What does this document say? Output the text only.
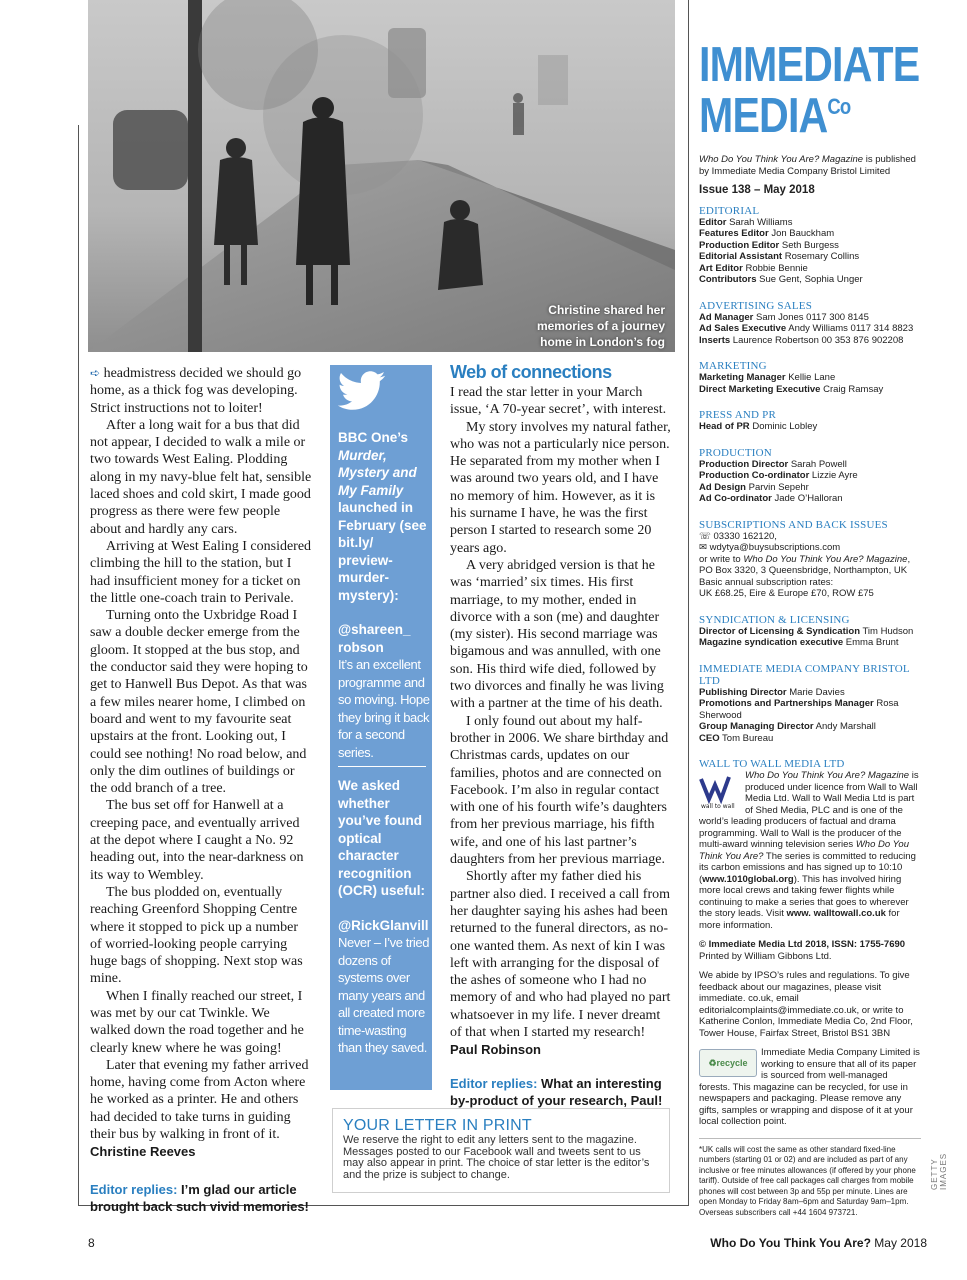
Christine shared her memories of a journey home in London’s fog

➪ headmistress decided we should go home, as a thick fog was developing. Strict instructions not to loiter!

After a long wait for a bus that did not appear, I decided to walk a mile or two towards West Ealing. Plodding along in my navy-blue felt hat, sensible laced shoes and cold skirt, I made good progress as there were few people about and hardly any cars.

Arriving at West Ealing I considered climbing the hill to the station, but I had insufficient money for a ticket on the little one-coach train to Perivale.

Turning onto the Uxbridge Road I saw a double decker emerge from the gloom. It stopped at the bus stop, and the conductor said they were hoping to get to Hanwell Bus Depot. As that was a few miles nearer home, I climbed on board and went to my favourite seat upstairs at the front. Looking out, I could see nothing! No road below, and only the dim outlines of buildings or the odd branch of a tree.

The bus set off for Hanwell at a creeping pace, and eventually arrived at the depot where I caught a No. 92 heading out, into the near-darkness on its way to Wembley.

The bus plodded on, eventually reaching Greenford Shopping Centre where it stopped to pick up a number of worried-looking people carrying huge bags of shopping. Next stop was mine.

When I finally reached our street, I was met by our cat Twinkle. We walked down the road together and he clearly knew where he was going!

Later that evening my father arrived home, having come from Acton where he worked as a printer. He and others had decided to take turns in guiding their bus by walking in front of it.

Christine Reeves

Editor replies: I’m glad our article brought back such vivid memories!
BBC One’s Murder, Mystery and My Family launched in February (see bit.ly/ preview-murder-mystery):
@shareen_ robson
It’s an excellent programme and so moving. Hope they bring it back for a second series.
We asked whether you’ve found optical character recognition (OCR) useful:
@RickGlanvill
Never – I’ve tried dozens of systems over many years and all created more time-wasting than they saved.
Web of connections

I read the star letter in your March issue, ‘A 70-year secret’, with interest.

My story involves my natural father, who was not a particularly nice person. He separated from my mother when I was around two years old, and I have no memory of him. However, as it is his surname I have, he was the first person I started to research some 20 years ago.

A very abridged version is that he was ‘married’ six times. His first marriage, to my mother, ended in divorce with a son (me) and daughter (my sister). His second marriage was bigamous and was annulled, with one son. His third wife died, followed by two divorces and finally he was living with a partner at the time of his death.

I only found out about my half-brother in 2006. We share birthday and Christmas cards, updates on our families, photos and are connected on Facebook. I’m also in regular contact with one of his fourth wife’s daughters from her previous marriage, his fifth wife, and one of his last partner’s daughters from her previous marriage.

Shortly after my father died his partner also died. I received a call from her daughter saying his ashes had been returned to the funeral directors, as no-one wanted them. As next of kin I was left with arranging for the disposal of the ashes of someone who I had no memory of and who had played no part whatsoever in my life. I never dreamt of that when I started my research!

Paul Robinson

Editor replies: What an interesting by-product of your research, Paul!
YOUR LETTER IN PRINT

We reserve the right to edit any letters sent to the magazine. Messages posted to our Facebook wall and tweets sent to us may also appear in print. The choice of star letter is the editor’s and the prize is subject to change.

IMMEDIATE
$MEDIA^{Co}$
Who Do You Think You Are? Magazine is published by Immediate Media Company Bristol Limited
Issue 138 – May 2018
EDITORIAL
Editor Sarah Williams
Features Editor Jon Bauckham
Production Editor Seth Burgess
Editorial Assistant Rosemary Collins
Art Editor Robbie Bennie
Contributors Sue Gent, Sophia Unger
ADVERTISING SALES
Ad Manager Sam Jones 0117 300 8145
Ad Sales Executive Andy Williams 0117 314 8823
Inserts Laurence Robertson 00 353 876 902208
MARKETING
Marketing Manager Kellie Lane
Direct Marketing Executive Craig Ramsay
PRESS AND PR
Head of PR Dominic Lobley
PRODUCTION
Production Director Sarah Powell
Production Co-ordinator Lizzie Ayre
Ad Design Parvin Sepehr
Ad Co-ordinator Jade O’Halloran
SUBSCRIPTIONS AND BACK ISSUES
☏ 03330 162120,
✉ wdytya@buysubscriptions.com
or write to Who Do You Think You Are? Magazine, PO Box 3320, 3 Queensbridge, Northampton, UK
Basic annual subscription rates:
UK £68.25, Eire & Europe £70, ROW £75
SYNDICATION & LICENSING
Director of Licensing & Syndication Tim Hudson
Magazine syndication executive Emma Brunt
IMMEDIATE MEDIA COMPANY BRISTOL LTD
Publishing Director Marie Davies
Promotions and Partnerships Manager Rosa Sherwood
Group Managing Director Andy Marshall
CEO Tom Bureau
WALL TO WALL MEDIA LTD
wall to wall
Who Do You Think You Are? Magazine is produced under licence from Wall to Wall Media Ltd. Wall to Wall Media Ltd is part of Shed Media, PLC and is one of the world’s leading producers of factual and drama programming. Wall to Wall is the producer of the multi-award winning television series Who Do You Think You Are? The series is committed to reducing its carbon emissions and has signed up to 10:10 (www.1010global.org). This has involved hiring more local crews and taking fewer flights while continuing to make a series that goes to wherever the story leads. Visit www. walltowall.co.uk for more information.
© Immediate Media Ltd 2018, ISSN: 1755-7690
Printed by William Gibbons Ltd.
We abide by IPSO’s rules and regulations. To give feedback about our magazines, please visit immediate. co.uk, email editorialcomplaints@immediate.co.uk, or write to Katherine Conlon, Immediate Media Co, 2nd Floor, Tower House, Fairfax Street, Bristol BS1 3BN
♻recycle
Immediate Media Company Limited is working to ensure that all of its paper is sourced from well-managed forests. This magazine can be recycled, for use in newspapers and packaging. Please remove any gifts, samples or wrapping and dispose of it at your local collection point.
*UK calls will cost the same as other standard fixed-line numbers (starting 01 or 02) and are included as part of any inclusive or free minutes allowances (if offered by your phone tariff). Outside of free call packages call charges from mobile phones will cost between 3p and 55p per minute. Lines are open Monday to Friday 8am–6pm and Saturday 9am–1pm. Overseas subscribers call +44 1604 973721.
GETTY IMAGES
8	Who Do You Think You Are? May 2018
